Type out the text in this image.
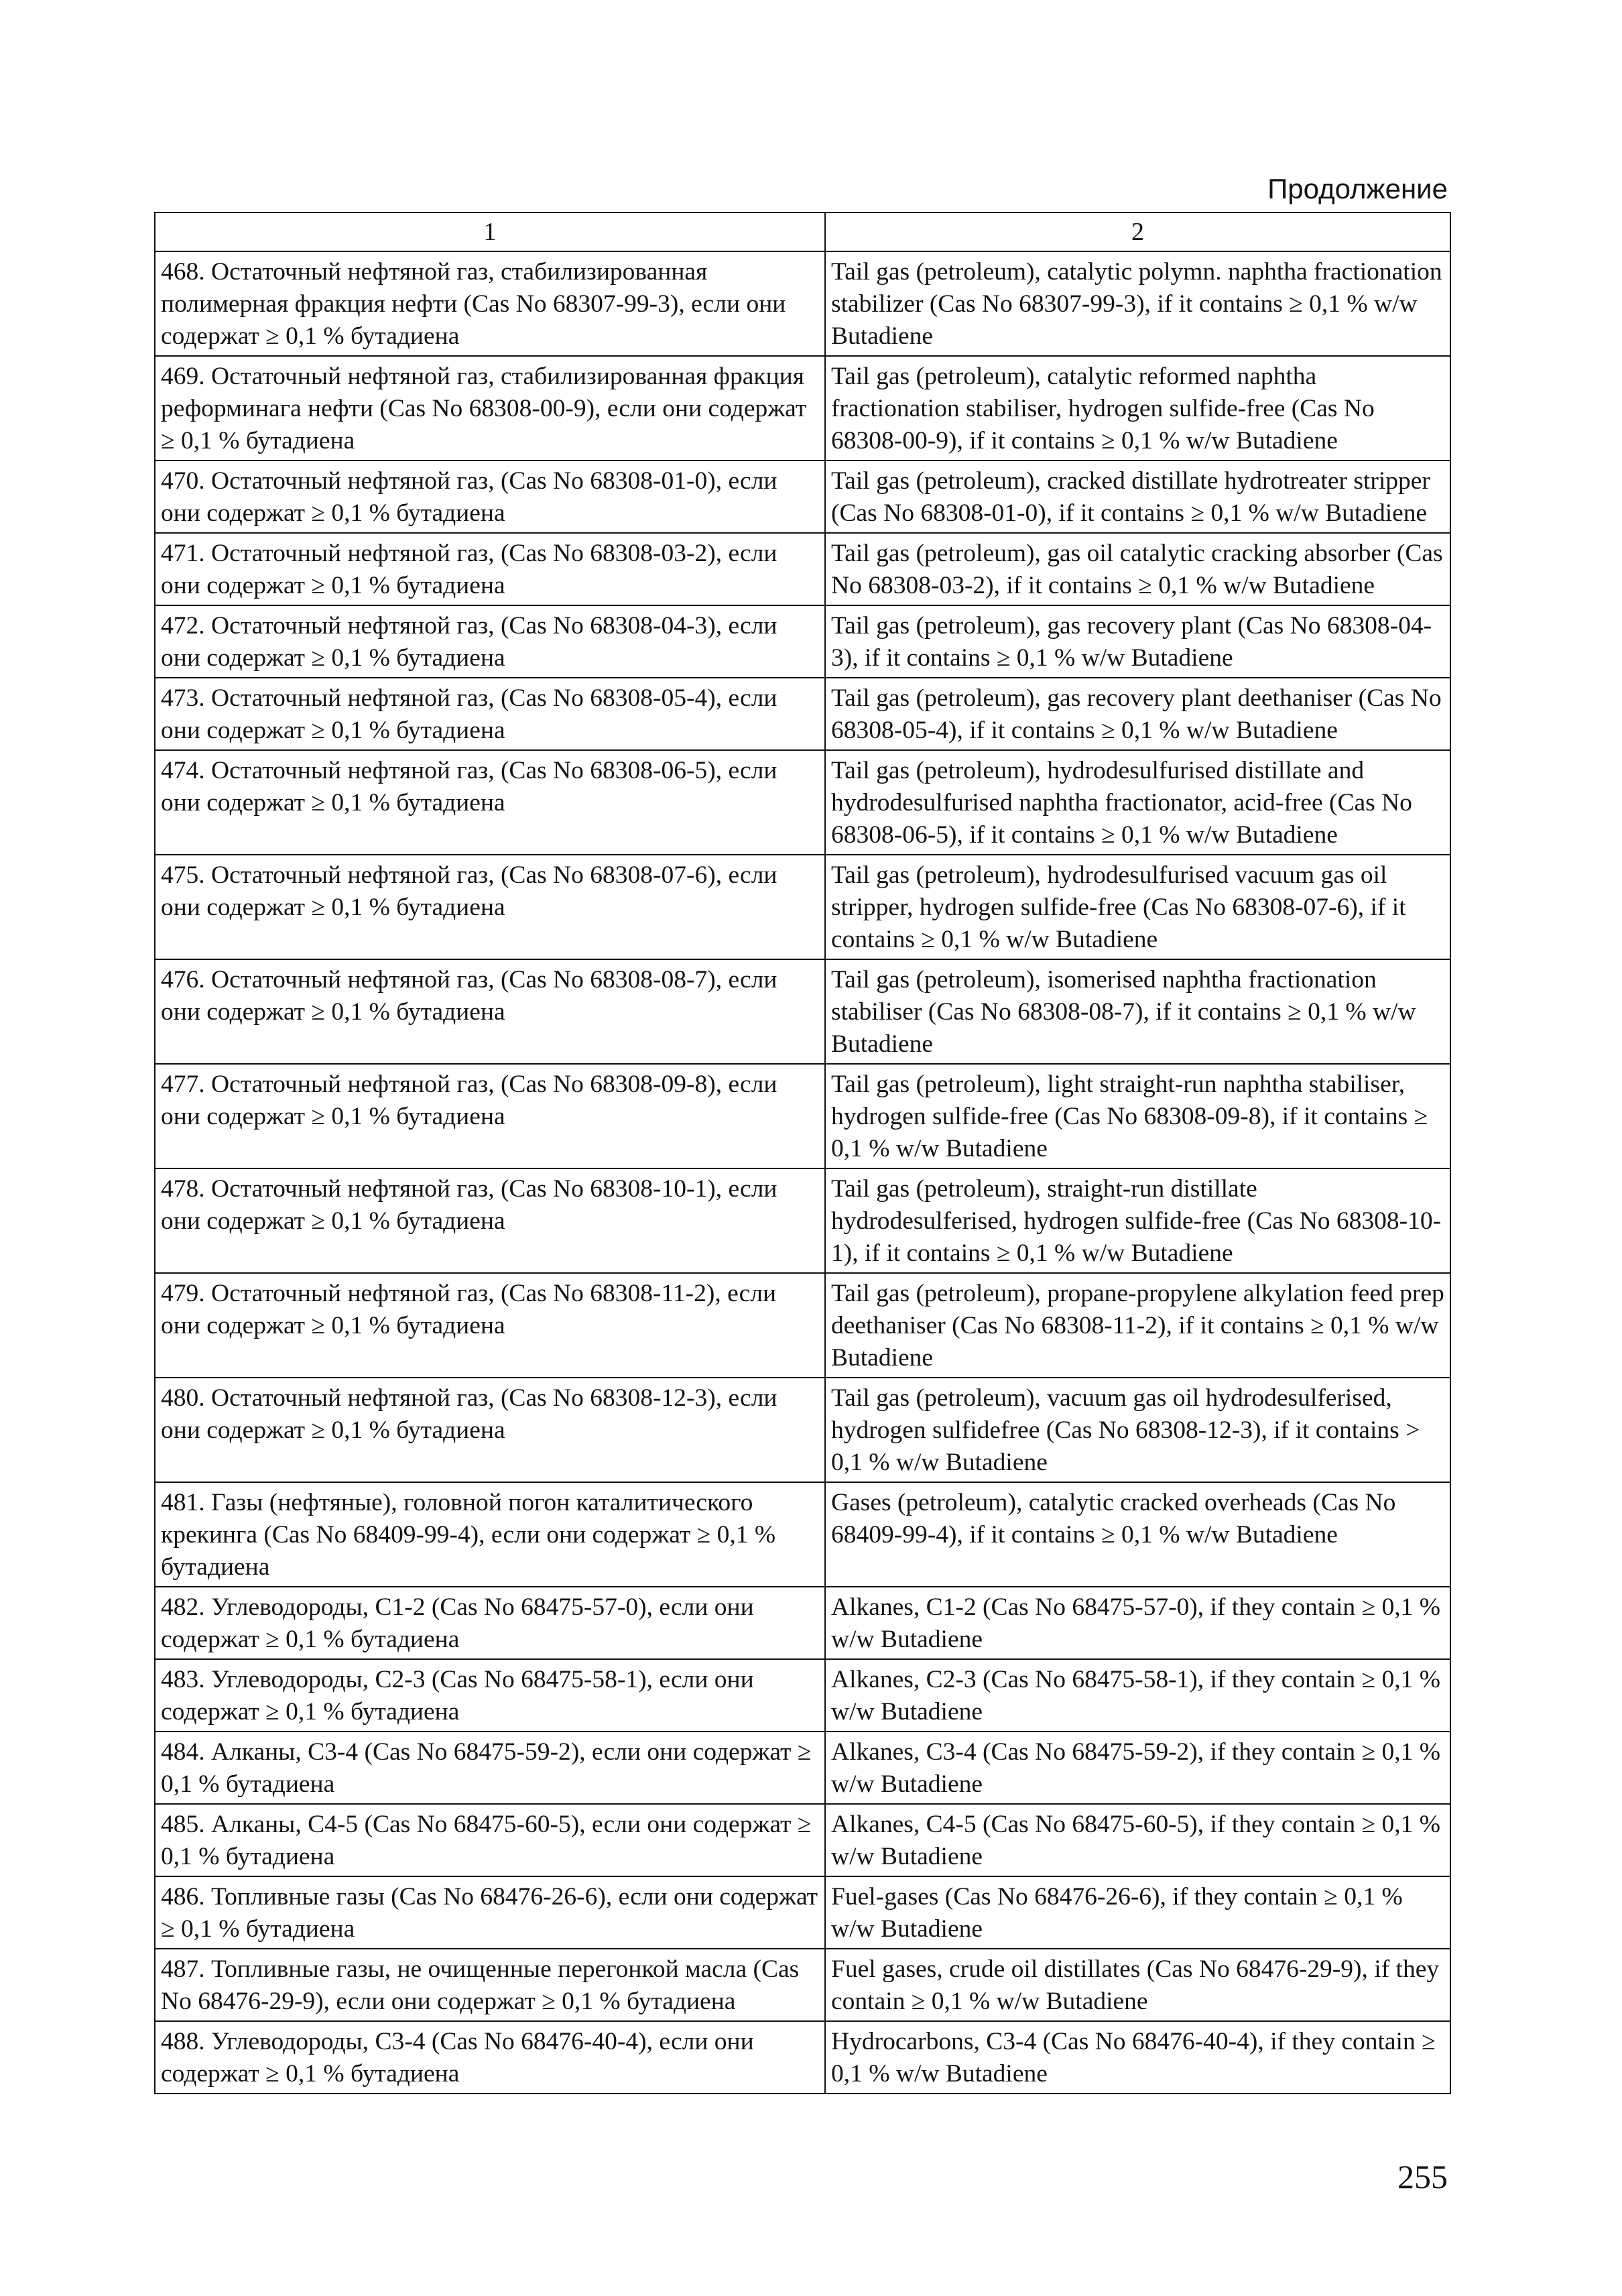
Продолжение
1	2
468. Остаточный нефтяной газ, стабилизированная полимерная фракция нефти (Cas No 68307-99-3), если они содержат ≥ 0,1 % бутадиена	Tail gas (petroleum), catalytic polymn. naphtha fractionation stabilizer (Cas No 68307-99-3), if it contains ≥ 0,1 % w/w Butadiene
469. Остаточный нефтяной газ, стабилизированная фракция реформинага нефти (Cas No 68308-00-9), если они содержат ≥ 0,1 % бутадиена	Tail gas (petroleum), catalytic reformed naphtha fractionation stabiliser, hydrogen sulfide-free (Cas No 68308-00-9), if it contains ≥ 0,1 % w/w Butadiene
470. Остаточный нефтяной газ, (Cas No 68308-01-0), если они содержат ≥ 0,1 % бутадиена	Tail gas (petroleum), cracked distillate hydrotreater stripper (Cas No 68308-01-0), if it contains ≥ 0,1 % w/w Butadiene
471. Остаточный нефтяной газ, (Cas No 68308-03-2), если они содержат ≥ 0,1 % бутадиена	Tail gas (petroleum), gas oil catalytic cracking absorber (Cas No 68308-03-2), if it contains ≥ 0,1 % w/w Butadiene
472. Остаточный нефтяной газ, (Cas No 68308-04-3), если они содержат ≥ 0,1 % бутадиена	Tail gas (petroleum), gas recovery plant (Cas No 68308-04-3), if it contains ≥ 0,1 % w/w Butadiene
473. Остаточный нефтяной газ, (Cas No 68308-05-4), если они содержат ≥ 0,1 % бутадиена	Tail gas (petroleum), gas recovery plant deethaniser (Cas No 68308-05-4), if it contains ≥ 0,1 % w/w Butadiene
474. Остаточный нефтяной газ, (Cas No 68308-06-5), если они содержат ≥ 0,1 % бутадиена	Tail gas (petroleum), hydrodesulfurised distillate and hydrodesulfurised naphtha fractionator, acid-free (Cas No 68308-06-5), if it contains ≥ 0,1 % w/w Butadiene
475. Остаточный нефтяной газ, (Cas No 68308-07-6), если они содержат ≥ 0,1 % бутадиена	Tail gas (petroleum), hydrodesulfurised vacuum gas oil stripper, hydrogen sulfide-free (Cas No 68308-07-6), if it contains ≥ 0,1 % w/w Butadiene
476. Остаточный нефтяной газ, (Cas No 68308-08-7), если они содержат ≥ 0,1 % бутадиена	Tail gas (petroleum), isomerised naphtha fractionation stabiliser (Cas No 68308-08-7), if it contains ≥ 0,1 % w/w Butadiene
477. Остаточный нефтяной газ, (Cas No 68308-09-8), если они содержат ≥ 0,1 % бутадиена	Tail gas (petroleum), light straight-run naphtha stabiliser, hydrogen sulfide-free (Cas No 68308-09-8), if it contains ≥ 0,1 % w/w Butadiene
478. Остаточный нефтяной газ, (Cas No 68308-10-1), если они содержат ≥ 0,1 % бутадиена	Tail gas (petroleum), straight-run distillate hydrodesulferised, hydrogen sulfide-free (Cas No 68308-10-1), if it contains ≥ 0,1 % w/w Butadiene
479. Остаточный нефтяной газ, (Cas No 68308-11-2), если они содержат ≥ 0,1 % бутадиена	Tail gas (petroleum), propane-propylene alkylation feed prep deethaniser (Cas No 68308-11-2), if it contains ≥ 0,1 % w/w Butadiene
480. Остаточный нефтяной газ, (Cas No 68308-12-3), если они содержат ≥ 0,1 % бутадиена	Tail gas (petroleum), vacuum gas oil hydrodesulferised, hydrogen sulfidefree (Cas No 68308-12-3), if it contains > 0,1 % w/w Butadiene
481. Газы (нефтяные), головной погон каталитического крекинга (Cas No 68409-99-4), если они содержат ≥ 0,1 % бутадиена	Gases (petroleum), catalytic cracked overheads (Cas No 68409-99-4), if it contains ≥ 0,1 % w/w Butadiene
482. Углеводороды, C1-2 (Cas No 68475-57-0), если они содержат ≥ 0,1 % бутадиена	Alkanes, C1-2 (Cas No 68475-57-0), if they contain ≥ 0,1 % w/w Butadiene
483. Углеводороды, C2-3 (Cas No 68475-58-1), если они содержат ≥ 0,1 % бутадиена	Alkanes, C2-3 (Cas No 68475-58-1), if they contain ≥ 0,1 % w/w Butadiene
484. Алканы, C3-4 (Cas No 68475-59-2), если они содержат ≥ 0,1 % бутадиена	Alkanes, C3-4 (Cas No 68475-59-2), if they contain ≥ 0,1 % w/w Butadiene
485. Алканы, C4-5 (Cas No 68475-60-5), если они содержат ≥ 0,1 % бутадиена	Alkanes, C4-5 (Cas No 68475-60-5), if they contain ≥ 0,1 % w/w Butadiene
486. Топливные газы (Cas No 68476-26-6), если они содержат ≥ 0,1 % бутадиена	Fuel-gases (Cas No 68476-26-6), if they contain ≥ 0,1 % w/w Butadiene
487. Топливные газы, не очищенные перегонкой масла (Cas No 68476-29-9), если они содержат ≥ 0,1 % бутадиена	Fuel gases, crude oil distillates (Cas No 68476-29-9), if they contain ≥ 0,1 % w/w Butadiene
488. Углеводороды, C3-4 (Cas No 68476-40-4), если они содержат ≥ 0,1 % бутадиена	Hydrocarbons, C3-4 (Cas No 68476-40-4), if they contain ≥ 0,1 % w/w Butadiene
255
